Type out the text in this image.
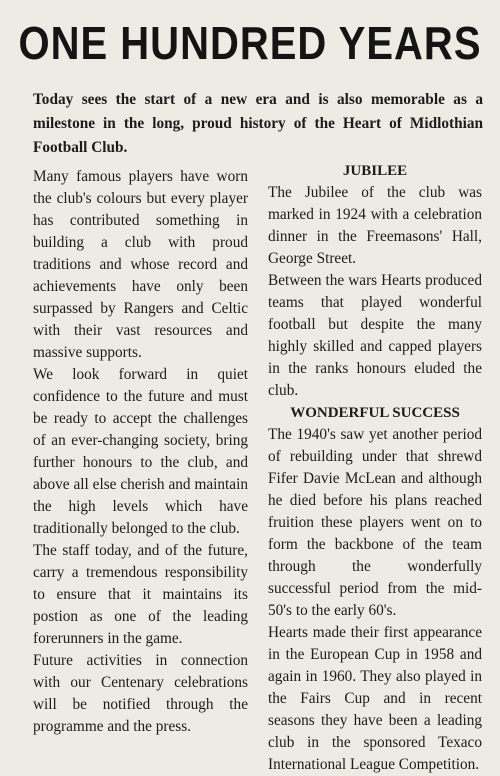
ONE HUNDRED YEARS
Today sees the start of a new era and is also memorable as a milestone in the long, proud history of the Heart of Midlothian Football Club.

Many famous players have worn the club's colours but every player has contributed something in building a club with proud traditions and whose record and achievements have only been surpassed by Rangers and Celtic with their vast resources and massive supports.

We look forward in quiet confidence to the future and must be ready to accept the challenges of an ever-changing society, bring further honours to the club, and above all else cherish and maintain the high levels which have traditionally belonged to the club.

The staff today, and of the future, carry a tremendous responsibility to ensure that it maintains its postion as one of the leading forerunners in the game.

Future activities in connection with our Centenary celebrations will be notified through the programme and the press.

JUBILEE

The Jubilee of the club was marked in 1924 with a celebration dinner in the Freemasons' Hall, George Street.

Between the wars Hearts produced teams that played wonderful football but despite the many highly skilled and capped players in the ranks honours eluded the club.

WONDERFUL SUCCESS

The 1940's saw yet another period of rebuilding under that shrewd Fifer Davie McLean and although he died before his plans reached fruition these players went on to form the backbone of the team through the wonderfully successful period from the mid-50's to the early 60's.

Hearts made their first appearance in the European Cup in 1958 and again in 1960. They also played in the Fairs Cup and in recent seasons they have been a leading club in the sponsored Texaco International League Competition.
